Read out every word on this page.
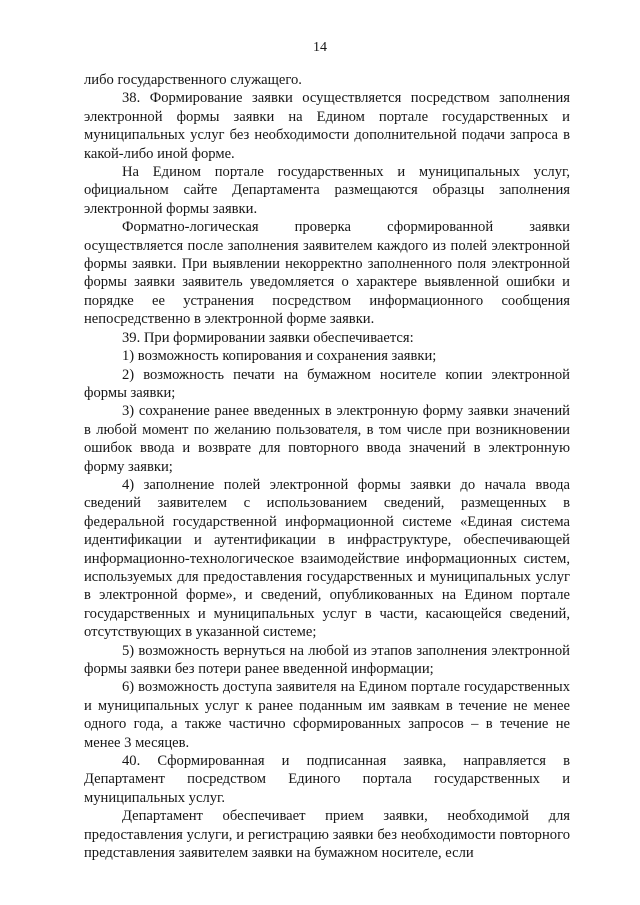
14

либо государственного служащего.

38. Формирование заявки осуществляется посредством заполнения электронной формы заявки на Едином портале государственных и муниципальных услуг без необходимости дополнительной подачи запроса в какой-либо иной форме.

На Едином портале государственных и муниципальных услуг, официальном сайте Департамента размещаются образцы заполнения электронной формы заявки.

Форматно-логическая проверка сформированной заявки осуществляется после заполнения заявителем каждого из полей электронной формы заявки. При выявлении некорректно заполненного поля электронной формы заявки заявитель уведомляется о характере выявленной ошибки и порядке ее устранения посредством информационного сообщения непосредственно в электронной форме заявки.

39. При формировании заявки обеспечивается:

1) возможность копирования и сохранения заявки;

2) возможность печати на бумажном носителе копии электронной формы заявки;

3) сохранение ранее введенных в электронную форму заявки значений в любой момент по желанию пользователя, в том числе при возникновении ошибок ввода и возврате для повторного ввода значений в электронную форму заявки;

4) заполнение полей электронной формы заявки до начала ввода сведений заявителем с использованием сведений, размещенных в федеральной государственной информационной системе «Единая система идентификации и аутентификации в инфраструктуре, обеспечивающей информационно-технологическое взаимодействие информационных систем, используемых для предоставления государственных и муниципальных услуг в электронной форме», и сведений, опубликованных на Едином портале государственных и муниципальных услуг в части, касающейся сведений, отсутствующих в указанной системе;

5) возможность вернуться на любой из этапов заполнения электронной формы заявки без потери ранее введенной информации;

6) возможность доступа заявителя на Едином портале государственных и муниципальных услуг к ранее поданным им заявкам в течение не менее одного года, а также частично сформированных запросов – в течение не менее 3 месяцев.

40. Сформированная и подписанная заявка, направляется в Департамент посредством Единого портала государственных и муниципальных услуг.

Департамент обеспечивает прием заявки, необходимой для предоставления услуги, и регистрацию заявки без необходимости повторного представления заявителем заявки на бумажном носителе, если
